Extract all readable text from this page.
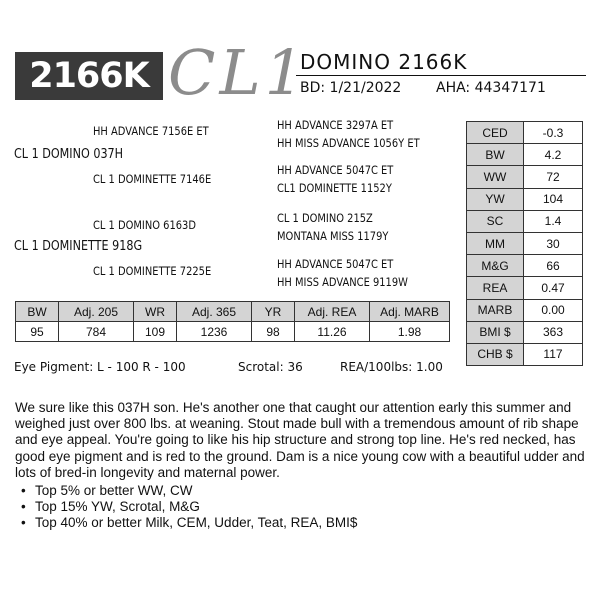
2166K CL1
DOMINO 2166K
BD: 1/21/2022 AHA: 44347171
HH ADVANCE 7156E ET
CL 1 DOMINO 037H
CL 1 DOMINETTE 7146E
HH ADVANCE 3297A ET
HH MISS ADVANCE 1056Y ET
HH ADVANCE 5047C ET
CL1 DOMINETTE 1152Y
CL 1 DOMINO 6163D
CL 1 DOMINETTE 918G
CL 1 DOMINETTE 7225E
CL 1 DOMINO 215Z
MONTANA MISS 1179Y
HH ADVANCE 5047C ET
HH MISS ADVANCE 9119W
CED	-0.3
BW	4.2
WW	72
YW	104
SC	1.4
MM	30
M&G	66
REA	0.47
MARB	0.00
BMI $	363
CHB $	117
BW	Adj. 205	WR	Adj. 365	YR	Adj. REA	Adj. MARB
95	784	109	1236	98	11.26	1.98
Eye Pigment: L - 100 R - 100	Scrotal: 36	REA/100lbs: 1.00

We sure like this 037H son. He's another one that caught our attention early this summer and weighed just over 800 lbs. at weaning. Stout made bull with a tremendous amount of rib shape and eye appeal. You're going to like his hip structure and strong top line. He's red necked, has good eye pigment and is red to the ground. Dam is a nice young cow with a beautiful udder and lots of bred-in longevity and maternal power.

• Top 5% or better WW, CW
• Top 15% YW, Scrotal, M&G
• Top 40% or better Milk, CEM, Udder, Teat, REA, BMI$
